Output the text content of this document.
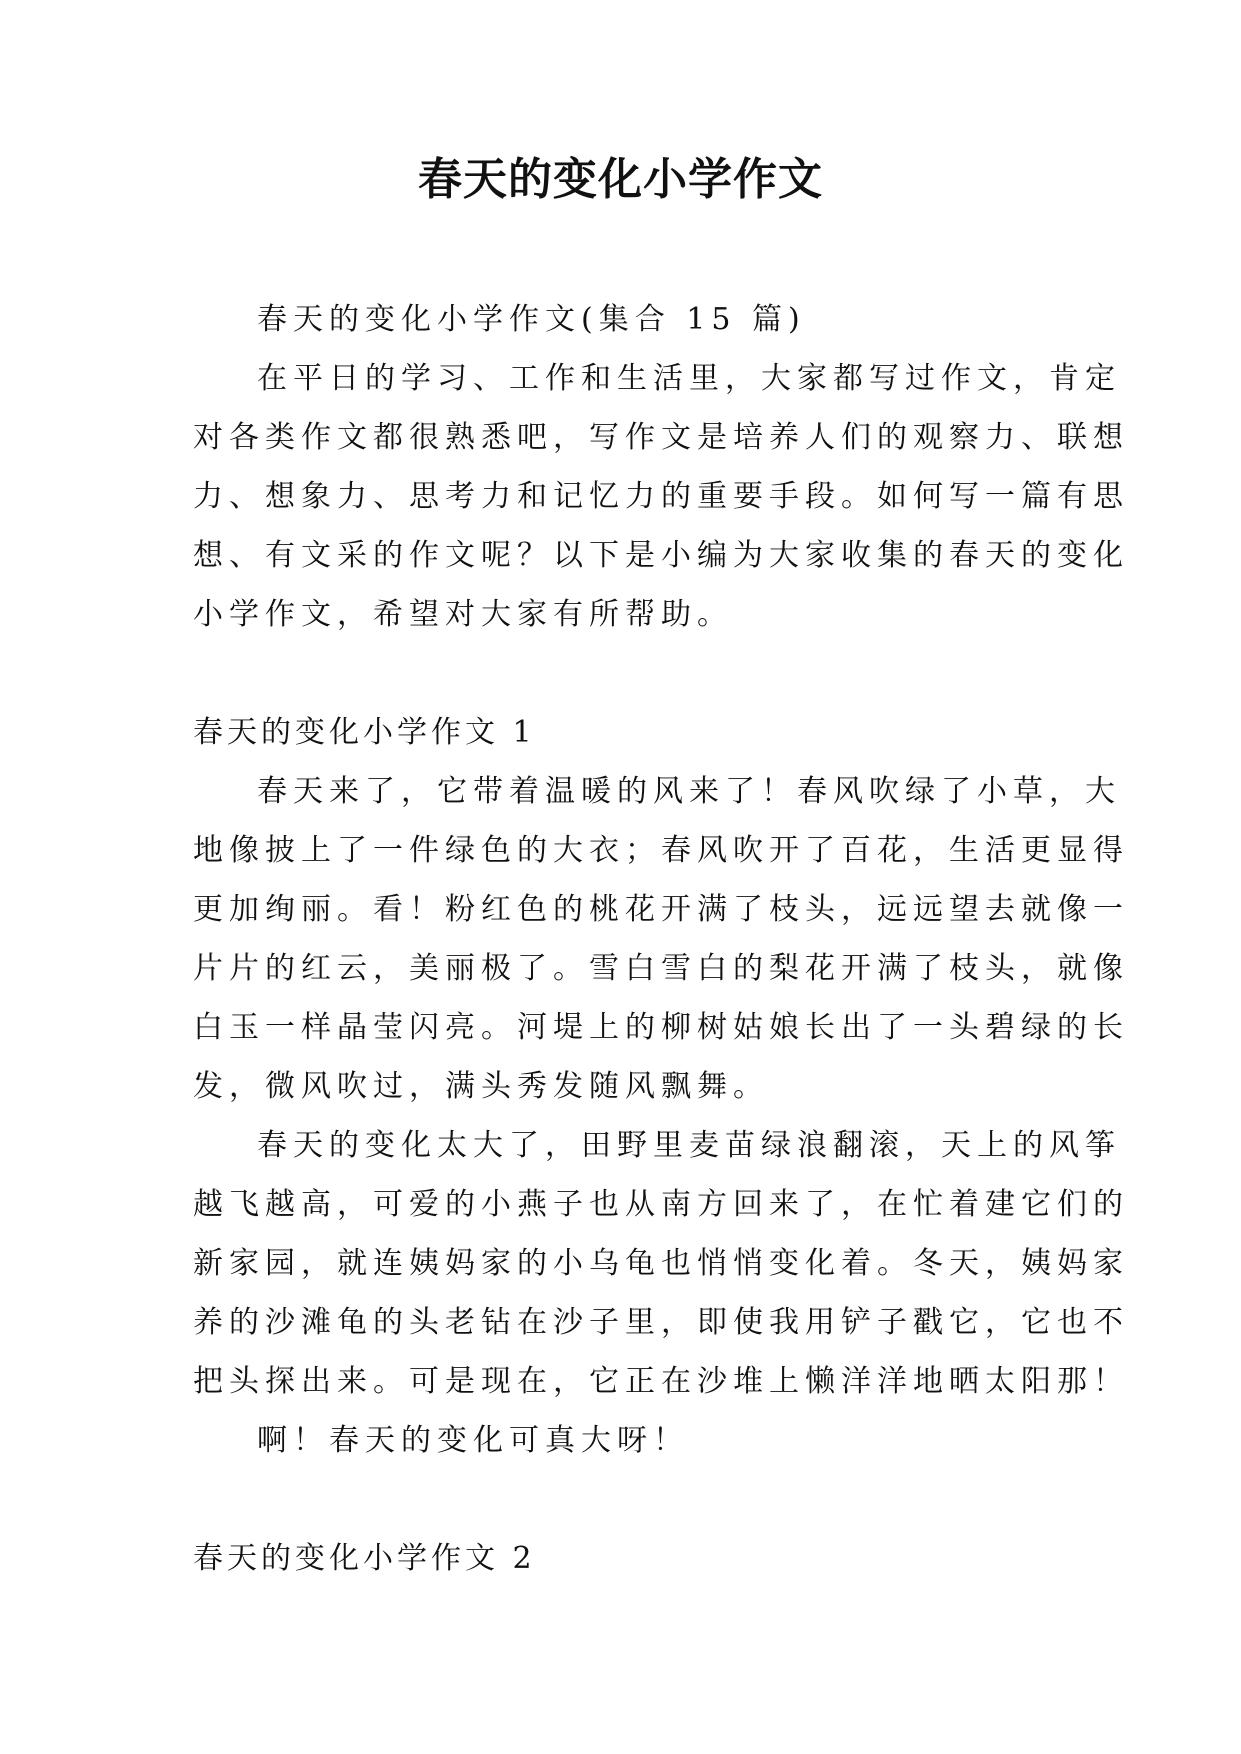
春天的变化小学作文
春天的变化小学作文(集合 15 篇)
在平日的学习、工作和生活里，大家都写过作文，肯定
对各类作文都很熟悉吧，写作文是培养人们的观察力、联想
力、想象力、思考力和记忆力的重要手段。如何写一篇有思
想、有文采的作文呢？以下是小编为大家收集的春天的变化
小学作文，希望对大家有所帮助。
春天的变化小学作文 1
春天来了，它带着温暖的风来了！春风吹绿了小草，大
地像披上了一件绿色的大衣；春风吹开了百花，生活更显得
更加绚丽。看！粉红色的桃花开满了枝头，远远望去就像一
片片的红云，美丽极了。雪白雪白的梨花开满了枝头，就像
白玉一样晶莹闪亮。河堤上的柳树姑娘长出了一头碧绿的长
发，微风吹过，满头秀发随风飘舞。
春天的变化太大了，田野里麦苗绿浪翻滚，天上的风筝
越飞越高，可爱的小燕子也从南方回来了，在忙着建它们的
新家园，就连姨妈家的小乌龟也悄悄变化着。冬天，姨妈家
养的沙滩龟的头老钻在沙子里，即使我用铲子戳它，它也不
把头探出来。可是现在，它正在沙堆上懒洋洋地晒太阳那！
啊！春天的变化可真大呀！
春天的变化小学作文 2
